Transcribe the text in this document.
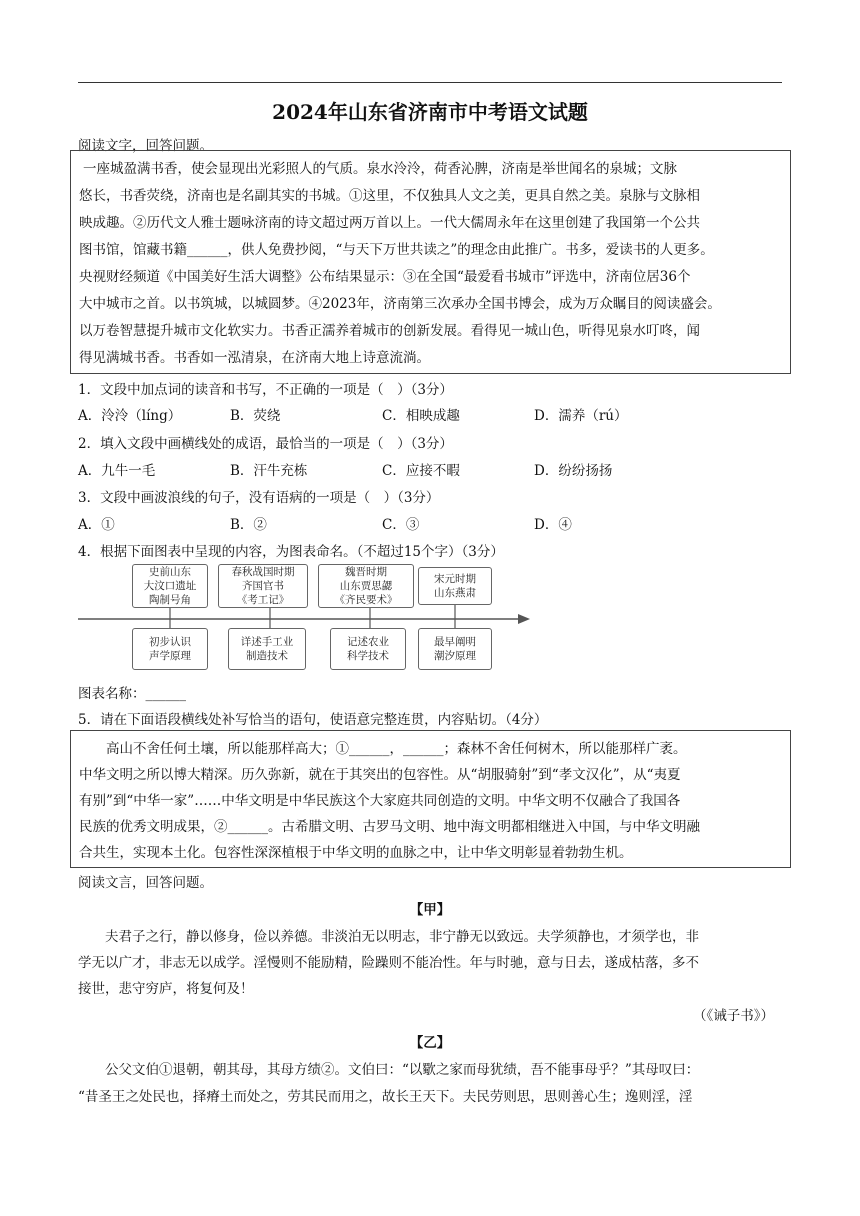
2024年山东省济南市中考语文试题
阅读文字，回答问题。
一座城盈满书香，使会显现出光彩照人的气质。泉水泠泠，荷香沁脾，济南是举世闻名的泉城；文脉
悠长，书香荧绕，济南也是名副其实的书城。①这里，不仅独具人文之美，更具自然之美。泉脉与文脉相
映成趣。②历代文人雅士题咏济南的诗文超过两万首以上。一代大儒周永年在这里创建了我国第一个公共
图书馆，馆藏书籍______，供人免费抄阅，“与天下万世共读之”的理念由此推广。书多，爱读书的人更多。
央视财经频道《中国美好生活大调整》公布结果显示：③在全国“最爱看书城市”评选中，济南位居36个
大中城市之首。以书筑城，以城圆梦。④2023年，济南第三次承办全国书博会，成为万众瞩目的阅读盛会。
以万卷智慧提升城市文化软实力。书香正濡养着城市的创新发展。看得见一城山色，听得见泉水叮咚，闻
得见满城书香。书香如一泓清泉，在济南大地上诗意流淌。
1．文段中加点词的读音和书写，不正确的一项是（　）（3分）
A．泠泠（líng）	B．荧绕	C．相映成趣	D．濡养（rú）
2．填入文段中画横线处的成语，最恰当的一项是（　）（3分）
A．九牛一毛	B．汗牛充栋	C．应接不暇	D．纷纷扬扬
3．文段中画波浪线的句子，没有语病的一项是（　）（3分）
A．①	B．②	C．③	D．④
4．根据下面图表中呈现的内容，为图表命名。（不超过15个字）（3分）
史前山东
大汶口遗址
陶制号角
春秋战国时期
齐国官书
《考工记》
魏晋时期
山东贾思勰
《齐民要术》
宋元时期
山东燕肃
初步认识
声学原理
详述手工业
制造技术
记述农业
科学技术
最早阐明
潮汐原理
图表名称：______
5．请在下面语段横线处补写恰当的语句，使语意完整连贯，内容贴切。（4分）
　　高山不舍任何土壤，所以能那样高大；①______，______；森林不舍任何树木，所以能那样广袤。
中华文明之所以博大精深。历久弥新，就在于其突出的包容性。从“胡服骑射”到“孝文汉化”，从“夷夏
有别”到“中华一家”……中华文明是中华民族这个大家庭共同创造的文明。中华文明不仅融合了我国各
民族的优秀文明成果，②______。古希腊文明、古罗马文明、地中海文明都相继进入中国，与中华文明融
合共生，实现本土化。包容性深深植根于中华文明的血脉之中，让中华文明彰显着勃勃生机。
阅读文言，回答问题。
【甲】
　　夫君子之行，静以修身，俭以养德。非淡泊无以明志，非宁静无以致远。夫学须静也，才须学也，非
学无以广才，非志无以成学。淫慢则不能励精，险躁则不能冶性。年与时驰，意与日去，遂成枯落，多不
接世，悲守穷庐，将复何及！
（《诫子书》）
【乙】
　　公父文伯①退朝，朝其母，其母方绩②。文伯曰：“以歜之家而母犹绩，吾不能事母乎？”其母叹曰：
“昔圣王之处民也，择瘠土而处之，劳其民而用之，故长王天下。夫民劳则思，思则善心生；逸则淫，淫
